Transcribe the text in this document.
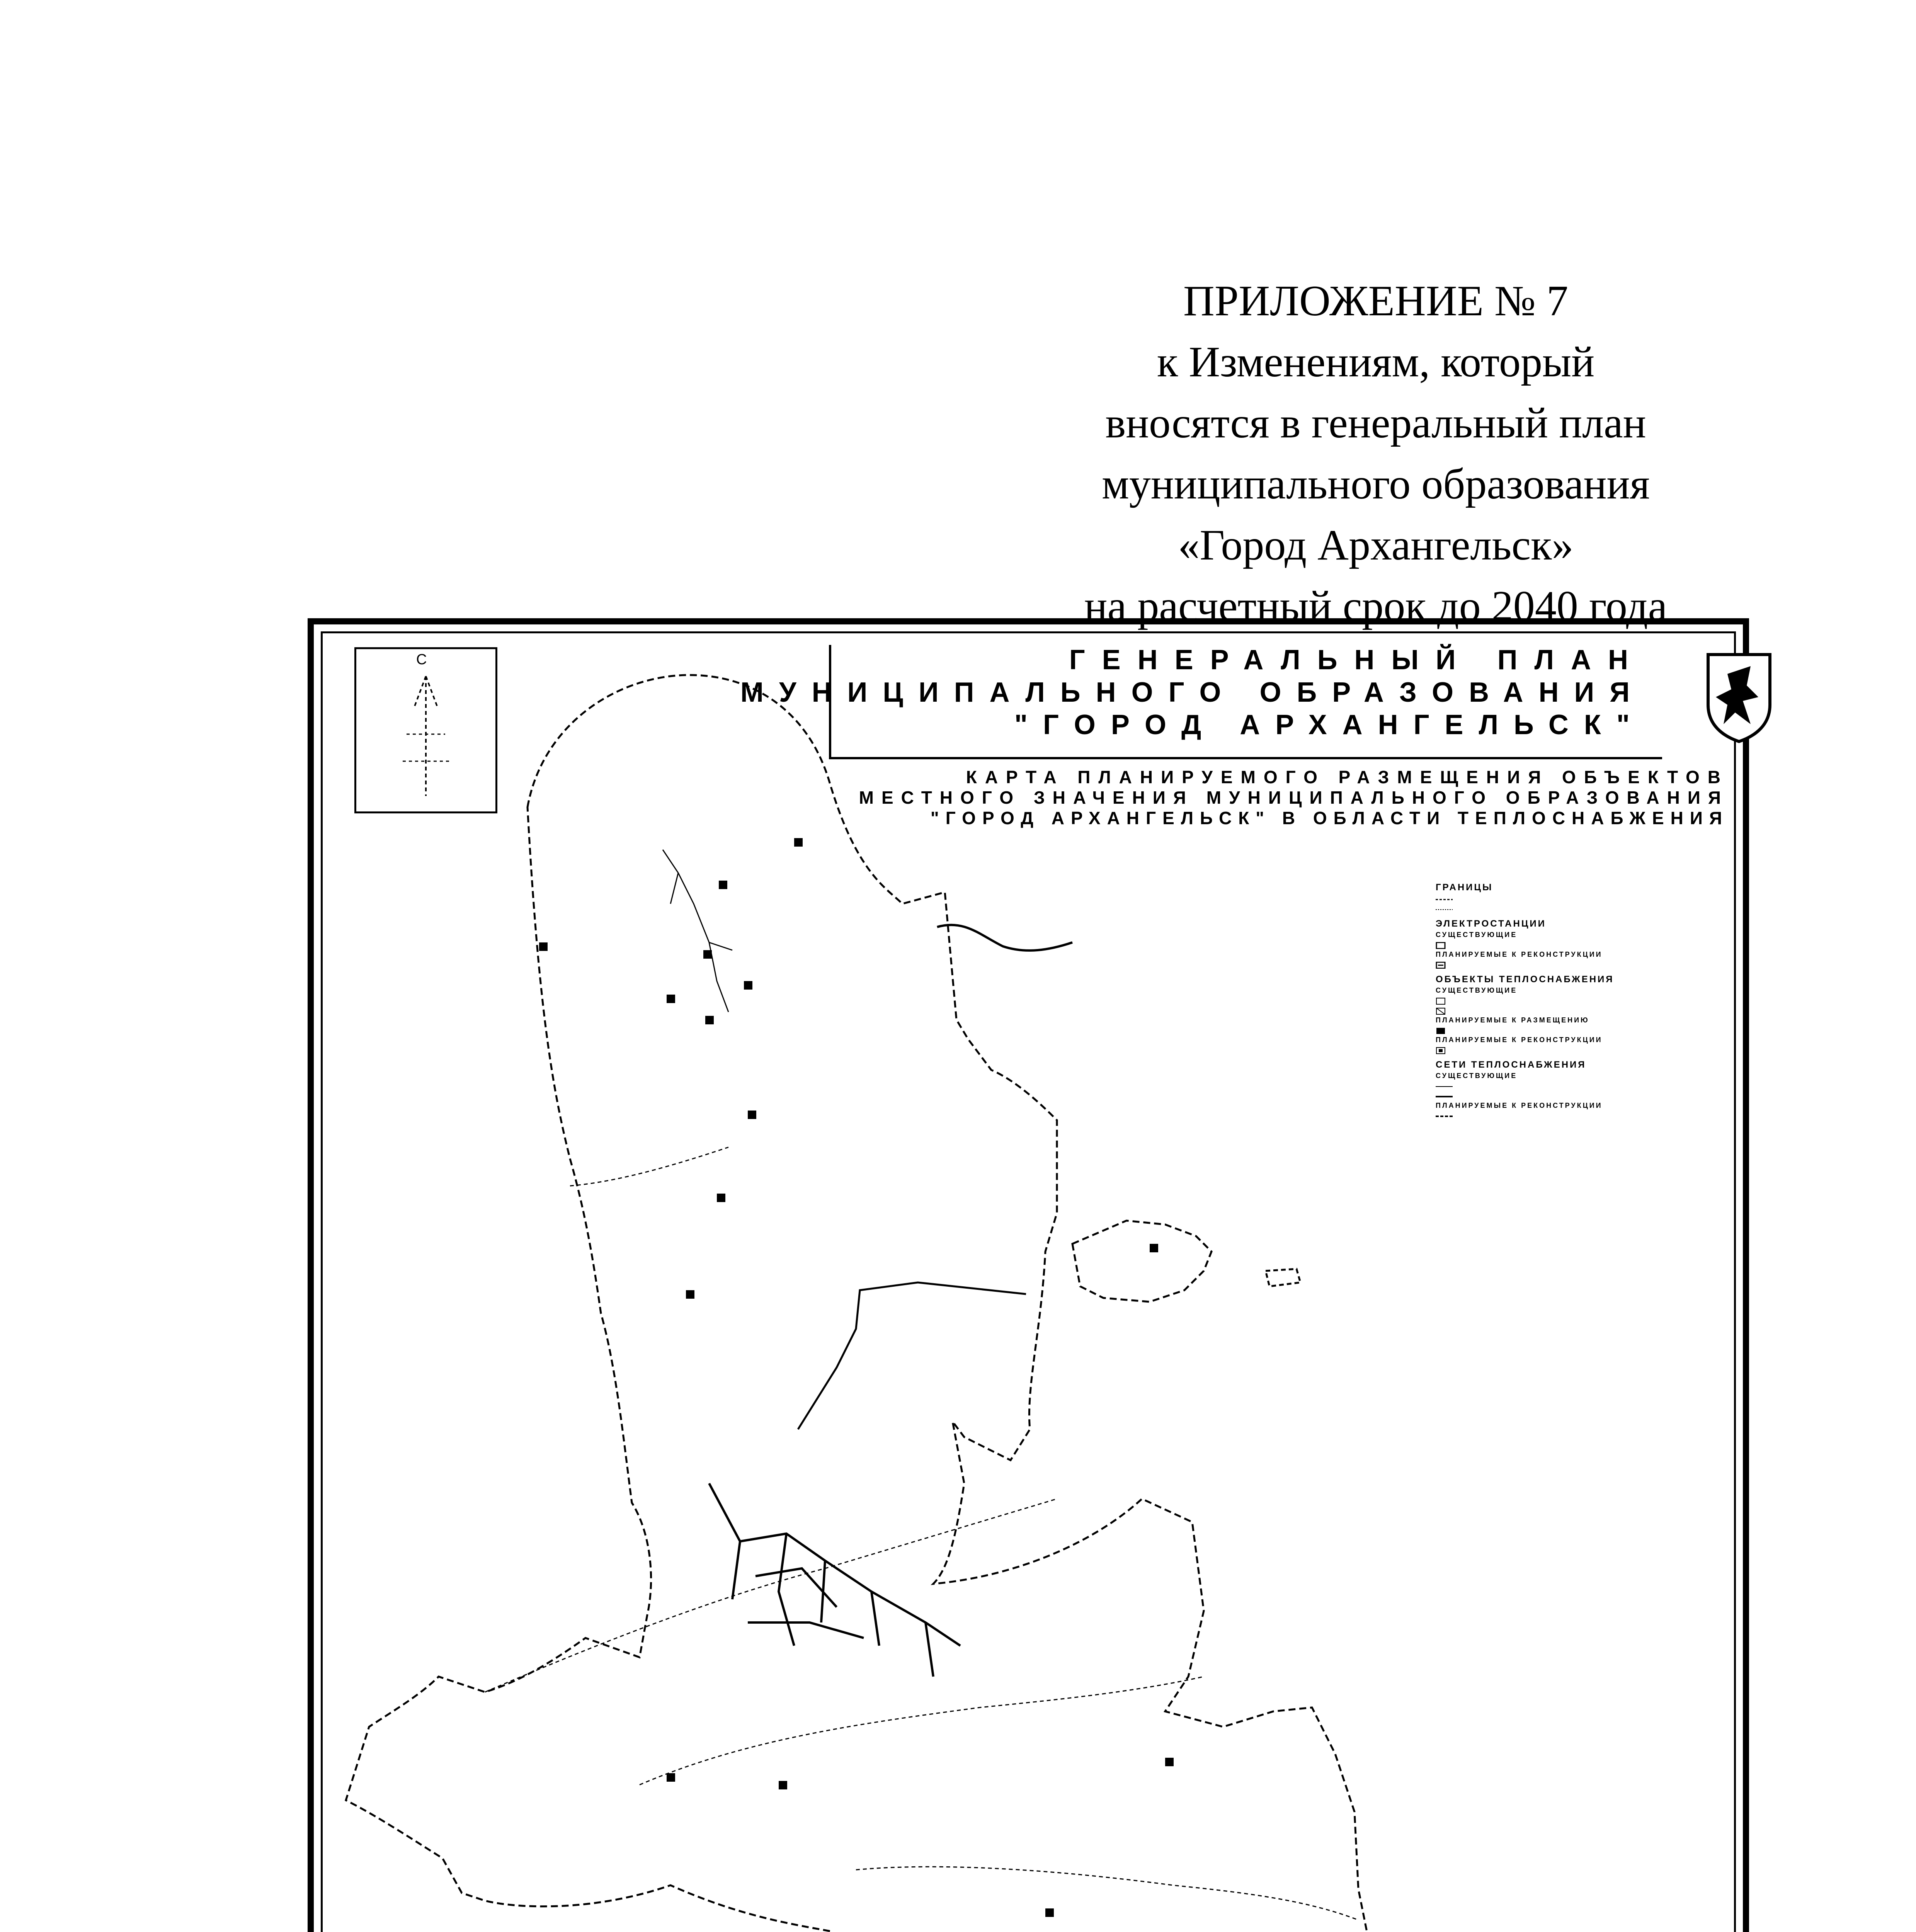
ПРИЛОЖЕНИЕ № 7
к Изменениям, который
вносятся в генеральный план
муниципального образования
«Город Архангельск»
на расчетный срок до 2040 года
ГЕНЕРАЛЬНЫЙ ПЛАН
МУНИЦИПАЛЬНОГО ОБРАЗОВАНИЯ
"ГОРОД АРХАНГЕЛЬСК"
КАРТА ПЛАНИРУЕМОГО РАЗМЕЩЕНИЯ ОБЪЕКТОВ
МЕСТНОГО ЗНАЧЕНИЯ МУНИЦИПАЛЬНОГО ОБРАЗОВАНИЯ
"ГОРОД АРХАНГЕЛЬСК" В ОБЛАСТИ ТЕПЛОСНАБЖЕНИЯ
С
ГРАНИЦЫ
ЭЛЕКТРОСТАНЦИИ
СУЩЕСТВУЮЩИЕ
ПЛАНИРУЕМЫЕ К РЕКОНСТРУКЦИИ
ОБЪЕКТЫ ТЕПЛОСНАБЖЕНИЯ
СУЩЕСТВУЮЩИЕ
ПЛАНИРУЕМЫЕ К РАЗМЕЩЕНИЮ
ПЛАНИРУЕМЫЕ К РЕКОНСТРУКЦИИ
СЕТИ ТЕПЛОСНАБЖЕНИЯ
СУЩЕСТВУЮЩИЕ
ПЛАНИРУЕМЫЕ К РЕКОНСТРУКЦИИ
